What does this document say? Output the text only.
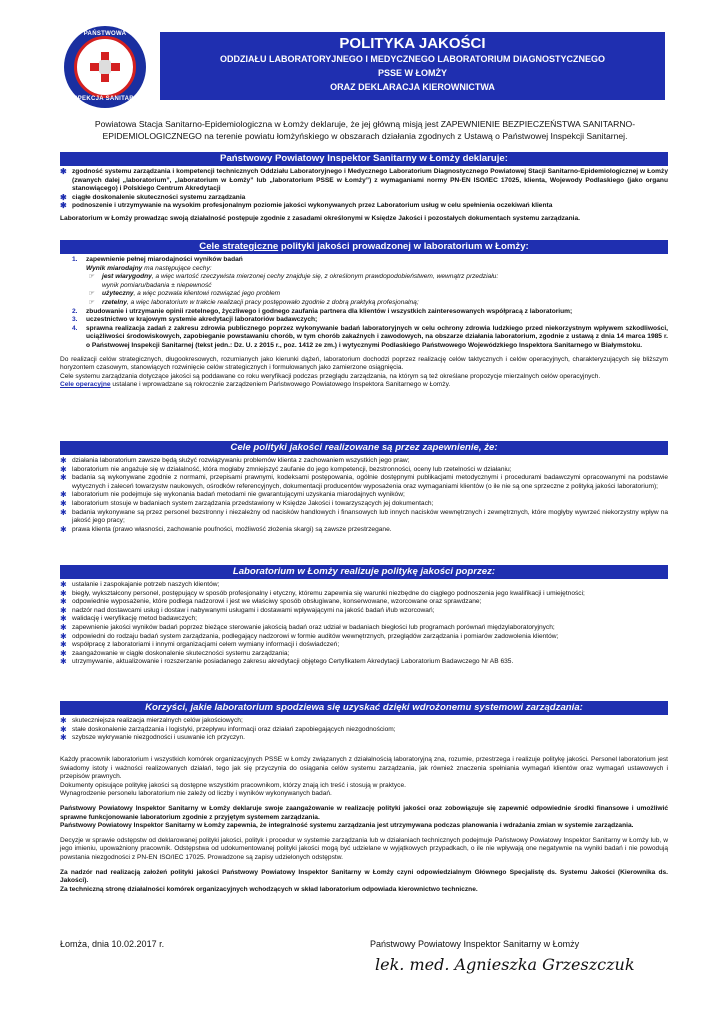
PAŃSTWOWA
INSPEKCJA SANITARNA
POLITYKA JAKOŚCI
ODDZIAŁU LABORATORYJNEGO I MEDYCZNEGO LABORATORIUM DIAGNOSTYCZNEGO
PSSE W ŁOMŻY
ORAZ DEKLARACJA KIEROWNICTWA
Powiatowa Stacja Sanitarno-Epidemiologiczna w Łomży deklaruje, że jej główną misją jest ZAPEWNIENIE BEZPIECZEŃSTWA SANITARNO-EPIDEMIOLOGICZNEGO na terenie powiatu łomżyńskiego w obszarach działania zgodnych z Ustawą o Państwowej Inspekcji Sanitarnej.
Państwowy Powiatowy Inspektor Sanitarny w Łomży deklaruje:
✱ zgodność systemu zarządzania i kompetencji technicznych Oddziału Laboratoryjnego i Medycznego Laboratorium Diagnostycznego Powiatowej Stacji Sanitarno-Epidemiologicznej w Łomży (zwanych dalej „laboratorium”, „laboratorium w Łomży” lub „laboratorium PSSE w Łomży”) z wymaganiami normy PN-EN ISO/IEC 17025, klienta, Wojewody Podlaskiego (jako organu stanowiącego) i Polskiego Centrum Akredytacji
✱ ciągłe doskonalenie skuteczności systemu zarządzania
✱ podnoszenie i utrzymywanie na wysokim profesjonalnym poziomie jakości wykonywanych przez Laboratorium usług w celu spełnienia oczekiwań klienta
Laboratorium w Łomży prowadząc swoją działalność postępuje zgodnie z zasadami określonymi w Księdze Jakości i pozostałych dokumentach systemu zarządzania.
Cele strategiczne polityki jakości prowadzonej w laboratorium w Łomży:
1. zapewnienie pełnej miarodajności wyników badań
Wynik miarodajny ma następujące cechy:
☞ jest wiarygodny, a więc wartość rzeczywista mierzonej cechy znajduje się, z określonym prawdopodobieństwem, wewnątrz przedziału:
wynik pomiaru/badania ± niepewność
☞ użyteczny, a więc pozwala klientowi rozwiązać jego problem
☞ rzetelny, a więc laboratorium w trakcie realizacji pracy postępowało zgodnie z dobrą praktyką profesjonalną;
2. zbudowanie i utrzymanie opinii rzetelnego, życzliwego i godnego zaufania partnera dla klientów i wszystkich zainteresowanych współpracą z laboratorium;
3. uczestnictwo w krajowym systemie akredytacji laboratoriów badawczych;
4. sprawna realizacja zadań z zakresu zdrowia publicznego poprzez wykonywanie badań laboratoryjnych w celu ochrony zdrowia ludzkiego przed niekorzystnym wpływem szkodliwości, uciążliwości środowiskowych, zapobieganie powstawaniu chorób, w tym chorób zakaźnych i zawodowych, na obszarze działania laboratorium, zgodnie z ustawą z dnia 14 marca 1985 r. o Państwowej Inspekcji Sanitarnej (tekst jedn.: Dz. U. z 2015 r., poz. 1412 ze zm.) i wytycznymi Podlaskiego Państwowego Wojewódzkiego Inspektora Sanitarnego w Białymstoku.
Do realizacji celów strategicznych, długookresowych, rozumianych jako kierunki dążeń, laboratorium dochodzi poprzez realizację celów taktycznych i celów operacyjnych, charakteryzujących się bliższym horyzontem czasowym, stanowiących rozwinięcie celów strategicznych i formułowanych jako zamierzone osiągnięcia.
Cele systemu zarządzania dotyczące jakości są poddawane co roku weryfikacji podczas przeglądu zarządzania, na którym są też określane propozycje mierzalnych celów operacyjnych.
Cele operacyjne ustalane i wprowadzane są rokrocznie zarządzeniem Państwowego Powiatowego Inspektora Sanitarnego w Łomży.
Cele polityki jakości realizowane są przez zapewnienie, że:
✱ działania laboratorium zawsze będą służyć rozwiązywaniu problemów klienta z zachowaniem wszystkich jego praw;
✱ laboratorium nie angażuje się w działalność, która mogłaby zmniejszyć zaufanie do jego kompetencji, bezstronności, oceny lub rzetelności w działaniu;
✱ badania są wykonywane zgodnie z normami, przepisami prawnymi, kodeksami postępowania, ogólnie dostępnymi publikacjami metodycznymi i procedurami badawczymi opracowanymi na podstawie wytycznych i zaleceń towarzystw naukowych, ośrodków referencyjnych, dokumentacji producentów wyposażenia oraz wymaganiami klientów (o ile nie są one sprzeczne z polityką jakości laboratorium);
✱ laboratorium nie podejmuje się wykonania badań metodami nie gwarantującymi uzyskania miarodajnych wyników;
✱ laboratorium stosuje w badaniach system zarządzania przedstawiony w Księdze Jakości i towarzyszących jej dokumentach;
✱ badania wykonywane są przez personel bezstronny i niezależny od nacisków handlowych i finansowych lub innych nacisków wewnętrznych i zewnętrznych, które mogłyby wywrzeć niekorzystny wpływ na jakość jego pracy;
✱ prawa klienta (prawo własności, zachowanie poufności, możliwość złożenia skargi) są zawsze przestrzegane.
Laboratorium w Łomży realizuje politykę jakości poprzez:
✱ ustalanie i zaspokajanie potrzeb naszych klientów;
✱ biegły, wykształcony personel, postępujący w sposób profesjonalny i etyczny, któremu zapewnia się warunki niezbędne do ciągłego podnoszenia jego kwalifikacji i umiejętności;
✱ odpowiednie wyposażenie, które podlega nadzorowi i jest we właściwy sposób obsługiwane, konserwowane, wzorcowane oraz sprawdzane;
✱ nadzór nad dostawcami usług i dostaw i nabywanymi usługami i dostawami wpływającymi na jakość badań i/lub wzorcowań;
✱ walidację i weryfikację metod badawczych;
✱ zapewnienie jakości wyników badań poprzez bieżące sterowanie jakością badań oraz udział w badaniach biegłości lub programach porównań międzylaboratoryjnych;
✱ odpowiedni do rodzaju badań system zarządzania, podlegający nadzorowi w formie auditów wewnętrznych, przeglądów zarządzania i pomiarów zadowolenia klientów;
✱ współpracę z laboratoriami i innymi organizacjami celem wymiany informacji i doświadczeń;
✱ zaangażowanie w ciągłe doskonalenie skuteczności systemu zarządzania;
✱ utrzymywanie, aktualizowanie i rozszerzanie posiadanego zakresu akredytacji objętego Certyfikatem Akredytacji Laboratorium Badawczego Nr AB 635.
Korzyści, jakie laboratorium spodziewa się uzyskać dzięki wdrożonemu systemowi zarządzania:
✱ skuteczniejsza realizacja mierzalnych celów jakościowych;
✱ stałe doskonalenie zarządzania i logistyki, przepływu informacji oraz działań zapobiegających niezgodnościom;
✱ szybsze wykrywanie niezgodności i usuwanie ich przyczyn.
Każdy pracownik laboratorium i wszystkich komórek organizacyjnych PSSE w Łomży związanych z działalnością laboratoryjną zna, rozumie, przestrzega i realizuje politykę jakości. Personel laboratorium jest świadomy istoty i ważności realizowanych działań, tego jak się przyczynia do osiągania celów systemu zarządzania, jak również znaczenia spełniania wymagań klientów oraz wymagań ustawowych i przepisów prawnych.
Dokumenty opisujące politykę jakości są dostępne wszystkim pracownikom, którzy znają ich treść i stosują w praktyce.
Wynagrodzenie personelu laboratorium nie zależy od liczby i wyników wykonywanych badań.
Państwowy Powiatowy Inspektor Sanitarny w Łomży deklaruje swoje zaangażowanie w realizację polityki jakości oraz zobowiązuje się zapewnić odpowiednie środki finansowe i umożliwić sprawne funkcjonowanie laboratorium zgodnie z przyjętym systemem zarządzania.
Państwowy Powiatowy Inspektor Sanitarny w Łomży zapewnia, że integralność systemu zarządzania jest utrzymywana podczas planowania i wdrażania zmian w systemie zarządzania.
Decyzje w sprawie odstępstw od deklarowanej polityki jakości, polityk i procedur w systemie zarządzania lub w działaniach technicznych podejmuje Państwowy Powiatowy Inspektor Sanitarny w Łomży lub, w jego imieniu, upoważniony pracownik. Odstępstwa od udokumentowanej polityki jakości mogą być udzielane w wyjątkowych przypadkach, o ile nie wpływają one negatywnie na wyniki badań i nie powodują powstania niezgodności z PN-EN ISO/IEC 17025. Prowadzone są zapisy udzielonych odstępstw.
Za nadzór nad realizacją założeń polityki jakości Państwowy Powiatowy Inspektor Sanitarny w Łomży czyni odpowiedzialnym Głównego Specjalistę ds. Systemu Jakości (Kierownika ds. Jakości).
Za techniczną stronę działalności komórek organizacyjnych wchodzących w skład laboratorium odpowiada kierownictwo techniczne.
Łomża, dnia 10.02.2017 r.	Państwowy Powiatowy Inspektor Sanitarny w Łomży
lek. med. Agnieszka Grzeszczuk
